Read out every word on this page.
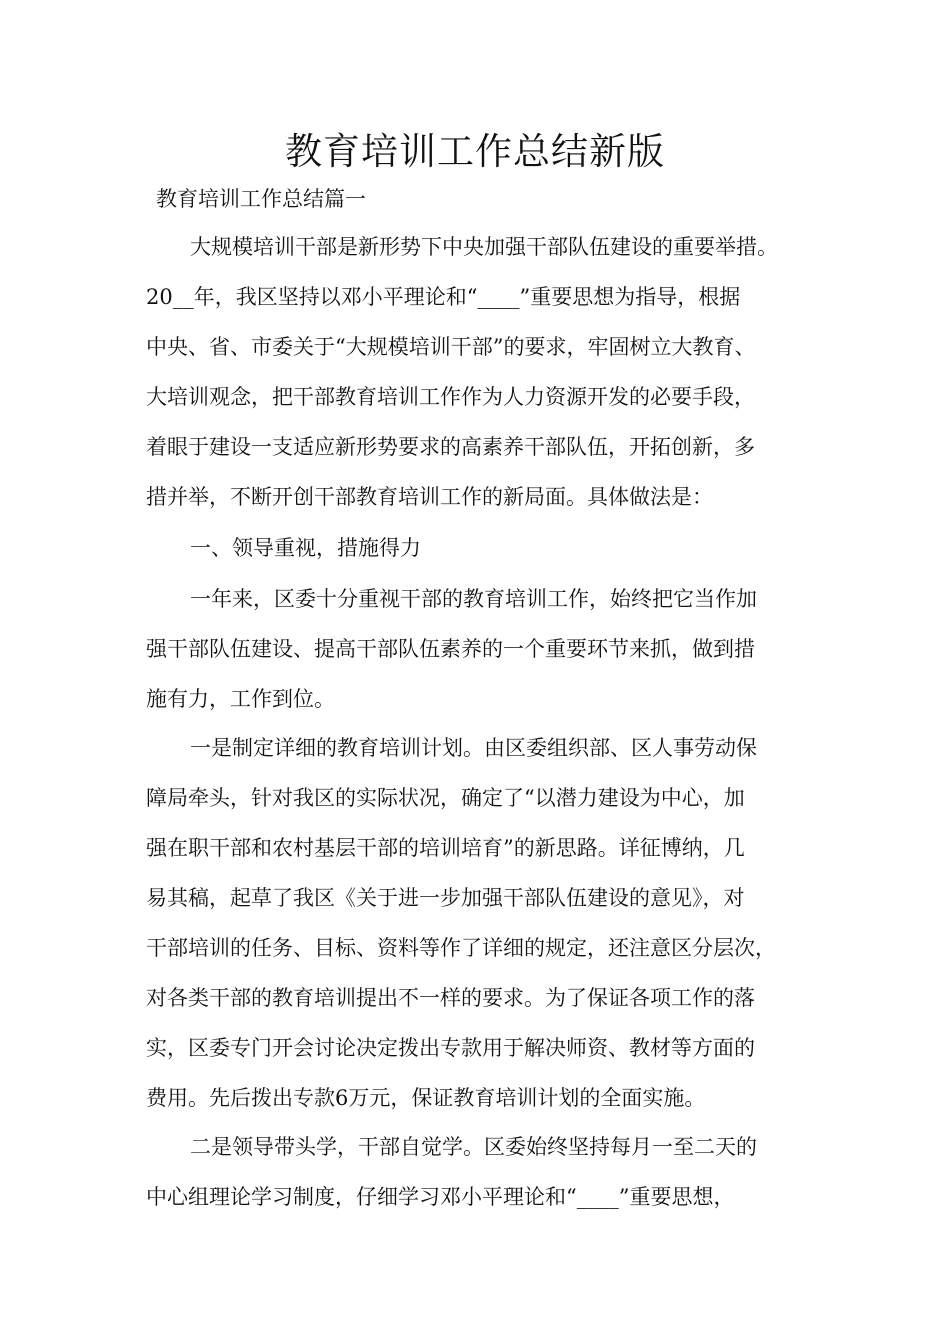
教育培训工作总结新版

教育培训工作总结篇一

大规模培训干部是新形势下中央加强干部队伍建设的重要举措。
20__年，我区坚持以邓小平理论和“____”重要思想为指导，根据
中央、省、市委关于“大规模培训干部”的要求，牢固树立大教育、
大培训观念，把干部教育培训工作作为人力资源开发的必要手段，
着眼于建设一支适应新形势要求的高素养干部队伍，开拓创新，多
措并举，不断开创干部教育培训工作的新局面。具体做法是：
一、领导重视，措施得力
一年来，区委十分重视干部的教育培训工作，始终把它当作加
强干部队伍建设、提高干部队伍素养的一个重要环节来抓，做到措
施有力，工作到位。
一是制定详细的教育培训计划。由区委组织部、区人事劳动保
障局牵头，针对我区的实际状况，确定了“以潜力建设为中心，加
强在职干部和农村基层干部的培训培育”的新思路。详征博纳，几
易其稿，起草了我区《关于进一步加强干部队伍建设的意见》，对
干部培训的任务、目标、资料等作了详细的规定，还注意区分层次，
对各类干部的教育培训提出不一样的要求。为了保证各项工作的落
实，区委专门开会讨论决定拨出专款用于解决师资、教材等方面的
费用。先后拨出专款6万元，保证教育培训计划的全面实施。
二是领导带头学，干部自觉学。区委始终坚持每月一至二天的
中心组理论学习制度，仔细学习邓小平理论和“____”重要思想，
